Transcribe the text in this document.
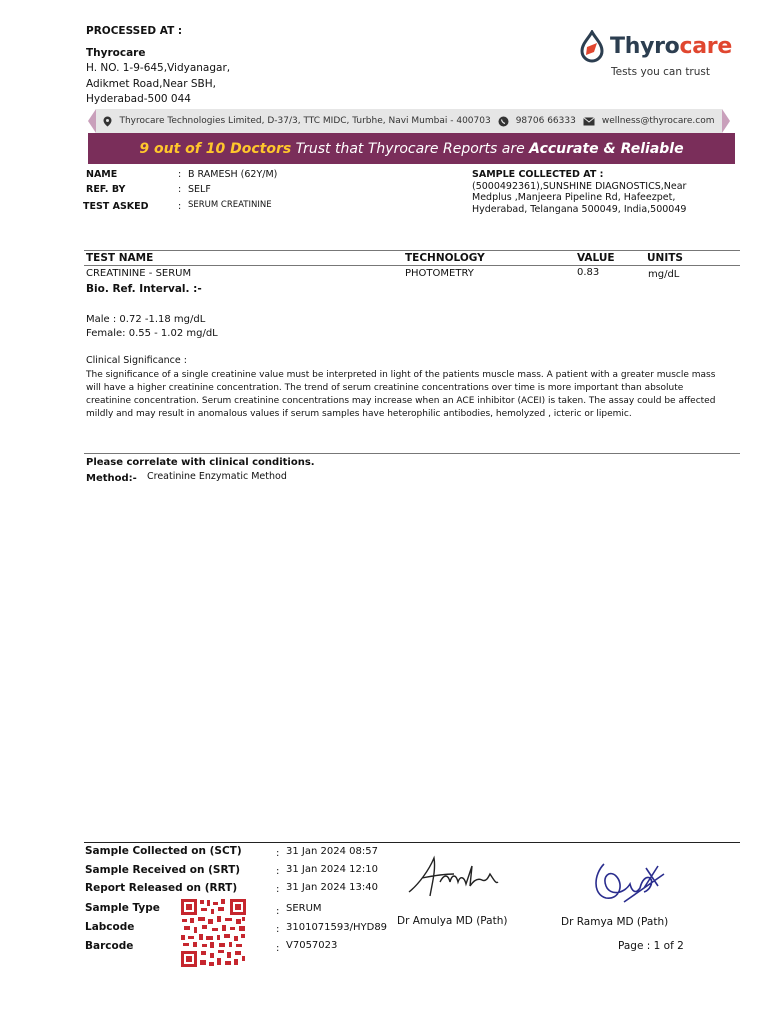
PROCESSED AT :
Thyrocare
H. NO. 1-9-645,Vidyanagar,
Adikmet Road,Near SBH,
Hyderabad-500 044
Thyrocare
Tests you can trust
Thyrocare Technologies Limited, D-37/3, TTC MIDC, Turbhe, Navi Mumbai - 400703	98706 66333	wellness@thyrocare.com
9 out of 10 Doctors Trust that Thyrocare Reports are Accurate & Reliable
NAME	: B RAMESH (62Y/M)
REF. BY	: SELF
TEST ASKED	: SERUM CREATININE
SAMPLE COLLECTED AT :
(5000492361),SUNSHINE DIAGNOSTICS,Near
Medplus ,Manjeera Pipeline Rd, Hafeezpet,
Hyderabad, Telangana 500049, India,500049
TEST NAME	TECHNOLOGY	VALUE	UNITS
CREATININE - SERUM	PHOTOMETRY	0.83	mg/dL
Bio. Ref. Interval. :-
Male : 0.72 -1.18 mg/dL
Female: 0.55 - 1.02 mg/dL
Clinical Significance :
The significance of a single creatinine value must be interpreted in light of the patients muscle mass. A patient with a greater muscle mass will have a higher creatinine concentration. The trend of serum creatinine concentrations over time is more important than absolute creatinine concentration. Serum creatinine concentrations may increase when an ACE inhibitor (ACEI) is taken. The assay could be affected mildly and may result in anomalous values if serum samples have heterophilic antibodies, hemolyzed , icteric or lipemic.
Please correlate with clinical conditions.
Method:- Creatinine Enzymatic Method
Sample Collected on (SCT)	: 31 Jan 2024 08:57
Sample Received on (SRT)	: 31 Jan 2024 12:10
Report Released on (RRT)	: 31 Jan 2024 13:40
Sample Type	: SERUM
Labcode	: 3101071593/HYD89
Barcode	: V7057023
Dr Amulya MD (Path)	Dr Ramya MD (Path)
Page : 1 of 2
